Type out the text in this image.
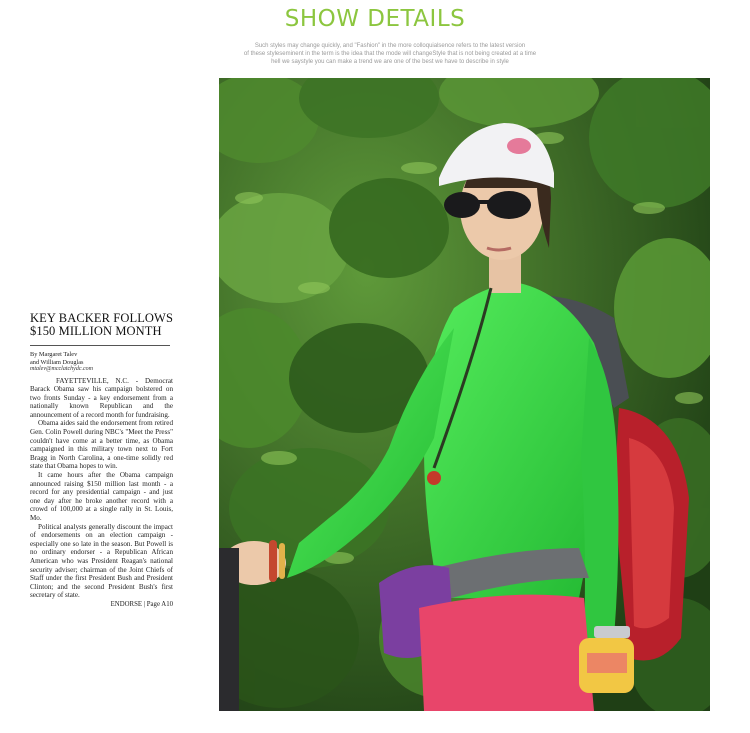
SHOW DETAILS
Such styles may change quickly, and "Fashion" in the more colloquialsence refers to the latest version
of these styleseminent in the term is the idea that the mode will changeStyle that is not being created at a time
hell we saystyle you can make a trend we are one of the best we have to describe in style
KEY BACKER FOLLOWS
$150 MILLION MONTH
By Margaret Talev
and William Douglas
mtalev@mcclatchydc.com

FAYETTEVILLE, N.C. - Democrat Barack Obama saw his campaign bolstered on two fronts Sunday - a key endorsement from a nationally known Republican and the announcement of a record month for fundraising.

Obama aides said the endorsement from retired Gen. Colin Powell during NBC's "Meet the Press" couldn't have come at a better time, as Obama campaigned in this military town next to Fort Bragg in North Carolina, a one-time solidly red state that Obama hopes to win.

It came hours after the Obama campaign announced raising $150 million last month - a record for any presidential campaign - and just one day after he broke another record with a crowd of 100,000 at a single rally in St. Louis, Mo.

Political analysts generally discount the impact of endorsements on an election campaign - especially one so late in the season. But Powell is no ordinary endorser - a Republican African American who was President Reagan's national security adviser; chairman of the Joint Chiefs of Staff under the first President Bush and President Clinton; and the second President Bush's first secretary of state.

ENDORSE | Page A10
